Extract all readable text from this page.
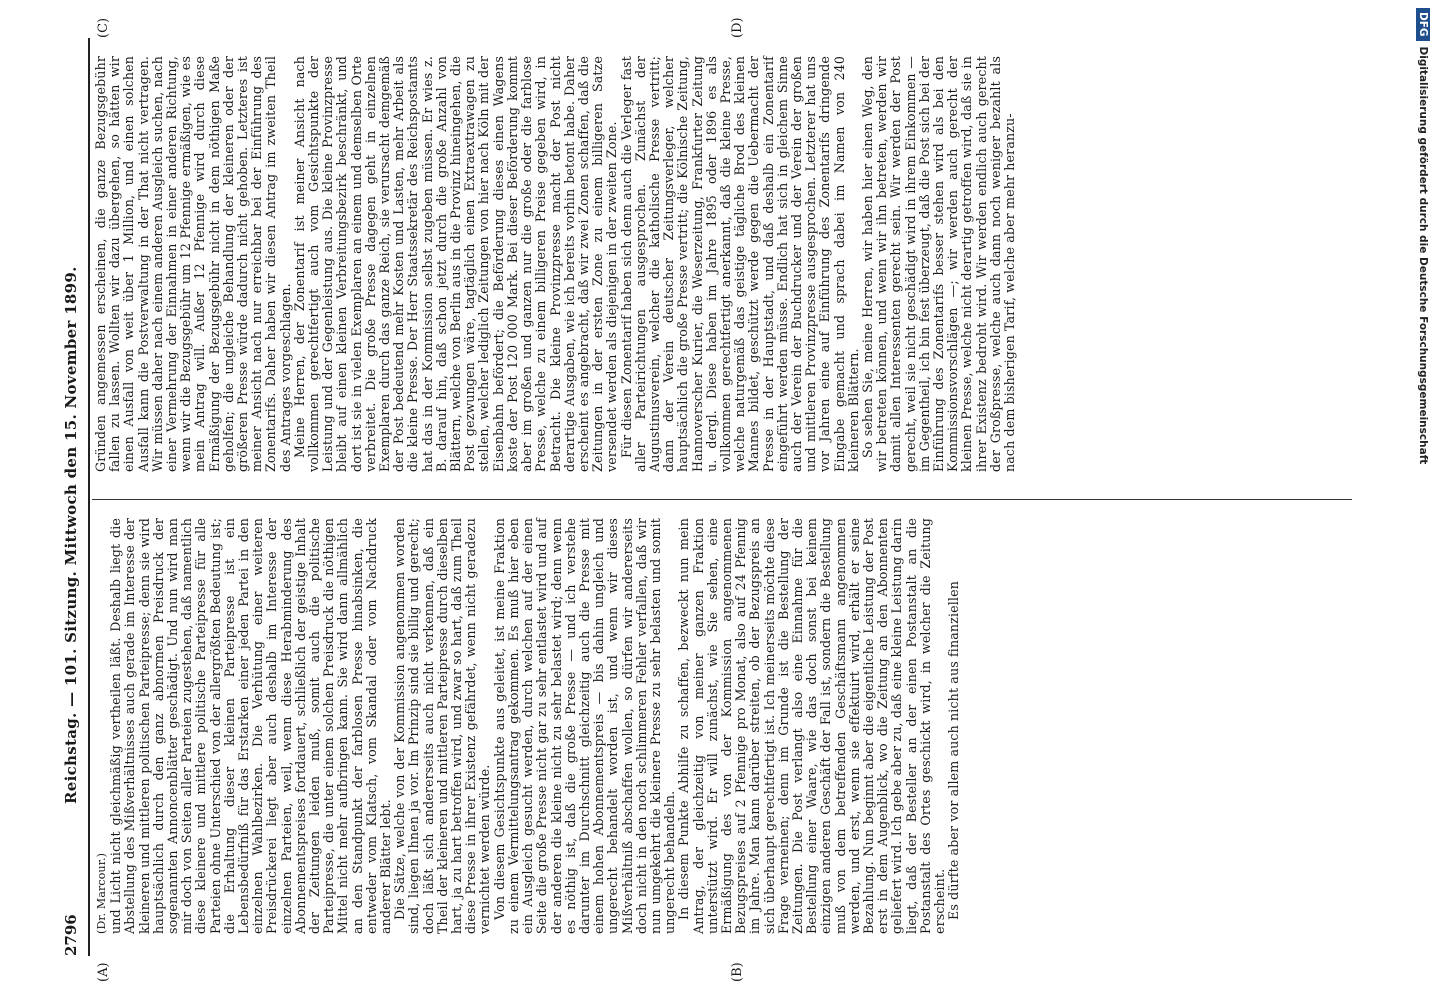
2796
Reichstag. — 101. Sitzung. Mittwoch den 15. November 1899.
(A)	(B)
(C)	(D)

(Dr. Marcour.) und Licht nicht gleichmäßig vertheilen läßt. Deshalb liegt die Abstellung des Mißverhältnisses auch gerade im Interesse der kleineren und mittleren politischen Parteipresse; denn sie wird hauptsächlich durch den ganz abnormen Preisdruck der sogenannten Annoncenblätter geschädigt. Und nun wird man mir doch von Seiten aller Parteien zugestehen, daß namentlich diese kleinere und mittlere politische Parteipresse für alle Parteien ohne Unterschied von der allergrößten Bedeutung ist; die Erhaltung dieser kleinen Parteipresse ist ein Lebensbedürfniß für das Erstarken einer jeden Partei in den einzelnen Wahlbezirken. Die Verhütung einer weiteren Preisdrückerei liegt aber auch deshalb im Interesse der einzelnen Parteien, weil, wenn diese Herabminderung des Abonnementspreises fortdauert, schließlich der geistige Inhalt der Zeitungen leiden muß, somit auch die politische Parteipresse, die unter einem solchen Preisdruck die nöthigen Mittel nicht mehr aufbringen kann. Sie wird dann allmählich an den Standpunkt der farblosen Presse hinabsinken, die entweder vom Klatsch, vom Skandal oder vom Nachdruck anderer Blätter lebt. Die Sätze, welche von der Kommission angenommen worden sind, liegen Ihnen ja vor. Im Prinzip sind sie billig und gerecht; doch läßt sich andererseits auch nicht verkennen, daß ein Theil der kleineren und mittleren Parteipresse durch dieselben hart, ja zu hart betroffen wird, und zwar so hart, daß zum Theil diese Presse in ihrer Existenz gefährdet, wenn nicht geradezu vernichtet werden würde. Von diesem Gesichtspunkte aus geleitet, ist meine Fraktion zu einem Vermittelungsantrag gekommen. Es muß hier eben ein Ausgleich gesucht werden, durch welchen auf der einen Seite die große Presse nicht gar zu sehr entlastet wird und auf der anderen die kleine nicht zu sehr belastet wird; denn wenn es nöthig ist, daß die große Presse — und ich verstehe darunter im Durchschnitt gleichzeitig auch die Presse mit einem hohen Abonnementspreis — bis dahin ungleich und ungerecht behandelt worden ist, und wenn wir dieses Mißverhältniß abschaffen wollen, so dürfen wir andererseits doch nicht in den noch schlimmeren Fehler verfallen, daß wir nun umgekehrt die kleinere Presse zu sehr belasten und somit ungerecht behandeln. In diesem Punkte Abhilfe zu schaffen, bezweckt nun mein Antrag, der gleichzeitig von meiner ganzen Fraktion unterstützt wird. Er will zunächst, wie Sie sehen, eine Ermäßigung des von der Kommission angenommenen Bezugspreises auf 2 Pfennige pro Monat, also auf 24 Pfennig im Jahre. Man kann darüber streiten, ob der Bezugspreis an sich überhaupt gerechtfertigt ist. Ich meinerseits möchte diese Frage verneinen; denn im Grunde ist die Bestellung der Zeitungen. Die Post verlangt also eine Einnahme für die Bestellung einer Waare, wie das doch sonst bei keinem einzigen anderen Geschäft der Fall ist, sondern die Bestellung muß von dem betreffenden Geschäftsmann angenommen werden, und erst, wenn sie effektuirt wird, erhält er seine Bezahlung. Nun beginnt aber die eigentliche Leistung der Post erst in dem Augenblick, wo die Zeitung an den Abonnenten geliefert wird. Ich gebe aber zu, daß eine kleine Leistung darin liegt, daß der Besteller an der einen Postanstalt an die Postanstalt des Ortes geschickt wird, in welcher die Zeitung erscheint. Es dürfte aber vor allem auch nicht aus finanziellen

Gründen angemessen erscheinen, die ganze Bezugsgebühr fallen zu lassen. Wollten wir dazu übergehen, so hätten wir einen Ausfall von weit über 1 Million, und einen solchen Ausfall kann die Postverwaltung in der That nicht vertragen. Wir müssen daher nach einem anderen Ausgleich suchen, nach einer Vermehrung der Einnahmen in einer anderen Richtung, wenn wir die Bezugsgebühr um 12 Pfennige ermäßigen, wie es mein Antrag will. Außer 12 Pfennige wird durch diese Ermäßigung der Bezugsgebühr nicht in dem nöthigen Maße geholfen; die ungleiche Behandlung der kleineren oder der größeren Presse würde dadurch nicht gehoben. Letzteres ist meiner Ansicht nach nur erreichbar bei der Einführung des Zonentarifs. Daher haben wir diesen Antrag im zweiten Theil des Antrages vorgeschlagen. Meine Herren, der Zonentarif ist meiner Ansicht nach vollkommen gerechtfertigt auch vom Gesichtspunkte der Leistung und der Gegenleistung aus. Die kleine Provinzpresse bleibt auf einen kleinen Verbreitungsbezirk beschränkt, und dort ist sie in vielen Exemplaren an einem und demselben Orte verbreitet. Die große Presse dagegen geht in einzelnen Exemplaren durch das ganze Reich, sie verursacht demgemäß der Post bedeutend mehr Kosten und Lasten, mehr Arbeit als die kleine Presse. Der Herr Staatssekretär des Reichspostamts hat das in der Kommission selbst zugeben müssen. Er wies z. B. darauf hin, daß schon jetzt durch die große Anzahl von Blättern, welche von Berlin aus in die Provinz hineingehen, die Post gezwungen wäre, tagtäglich einen Extraextrawagen zu stellen, welcher lediglich Zeitungen von hier nach Köln mit der Eisenbahn befördert; die Beförderung dieses einen Wagens koste der Post 120 000 Mark. Bei dieser Beförderung kommt aber im großen und ganzen nur die große oder die farblose Presse, welche zu einem billigeren Preise gegeben wird, in Betracht. Die kleine Provinzpresse macht der Post nicht derartige Ausgaben, wie ich bereits vorhin betont habe. Daher erscheint es angebracht, daß wir zwei Zonen schaffen, daß die Zeitungen in der ersten Zone zu einem billigeren Satze versendet werden als diejenigen in der zweiten Zone. Für diesen Zonentarif haben sich denn auch die Verleger fast aller Parteirichtungen ausgesprochen. Zunächst der Augustinusverein, welcher die katholische Presse vertritt; dann der Verein deutscher Zeitungsverleger, welcher hauptsächlich die große Presse vertritt; die Kölnische Zeitung, Hannoverscher Kurier, die Weserzeitung, Frankfurter Zeitung u. dergl. Diese haben im Jahre 1895 oder 1896 es als vollkommen gerechtfertigt anerkannt, daß die kleine Presse, welche naturgemäß das geistige tägliche Brod des kleinen Mannes bildet, geschützt werde gegen die Uebermacht der Presse in der Hauptstadt, und daß deshalb ein Zonentarif eingeführt werden müsse. Endlich hat sich in gleichem Sinne auch der Verein der Buchdrucker und der Verein der großen und mittleren Provinzpresse ausgesprochen. Letzterer hat uns vor Jahren eine auf Einführung des Zonentarifs dringende Eingabe gemacht und sprach dabei im Namen von 240 kleineren Blättern. So sehen Sie, meine Herren, wir haben hier einen Weg, den wir betreten können, und wenn wir ihn betreten, werden wir damit allen Interessenten gerecht sein. Wir werden der Post gerecht, weil sie nicht geschädigt wird in ihrem Einkommen — im Gegentheil, ich bin fest überzeugt, daß die Post sich bei der Einführung des Zonentarifs besser stehen wird als bei den Kommissionsvorschlägen —; wir werden auch gerecht der kleinen Presse, welche nicht derartig getroffen wird, daß sie in ihrer Existenz bedroht wird. Wir werden endlich auch gerecht der Großpresse, welche auch dann noch weniger bezahlt als nach dem bisherigen Tarif, welche aber mehr heranzu-

DFGDigitalisierung gefördert durch die Deutsche Forschungsgemeinschaft
